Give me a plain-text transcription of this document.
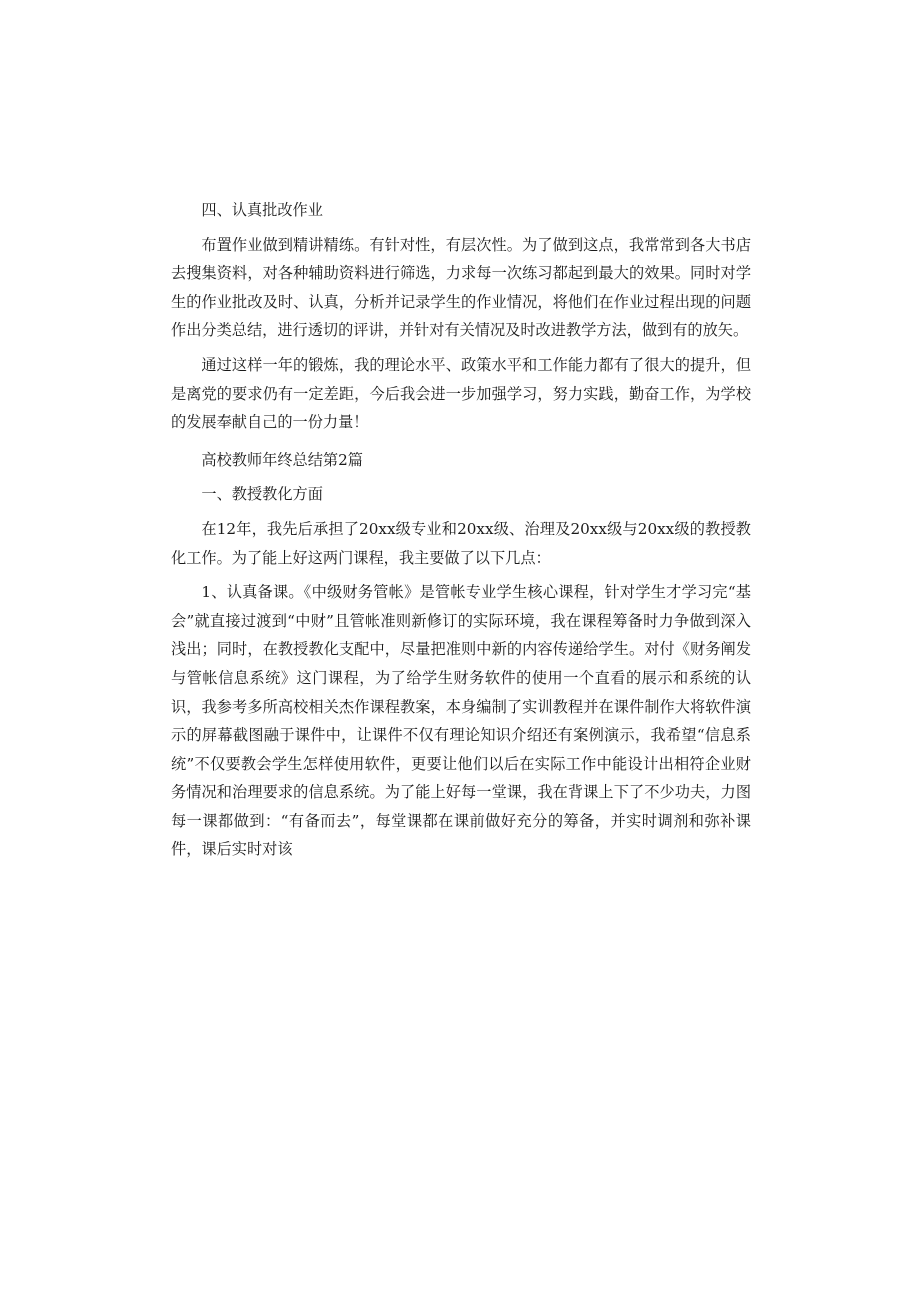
四、认真批改作业

布置作业做到精讲精练。有针对性，有层次性。为了做到这点，我常常到各大书店去搜集资料，对各种辅助资料进行筛选，力求每一次练习都起到最大的效果。同时对学生的作业批改及时、认真，分析并记录学生的作业情况，将他们在作业过程出现的问题作出分类总结，进行透切的评讲，并针对有关情况及时改进教学方法，做到有的放矢。

通过这样一年的锻炼，我的理论水平、政策水平和工作能力都有了很大的提升，但是离党的要求仍有一定差距，今后我会进一步加强学习，努力实践，勤奋工作，为学校的发展奉献自己的一份力量！

高校教师年终总结第2篇

一、教授教化方面

在12年，我先后承担了20xx级专业和20xx级、治理及20xx级与20xx级的教授教化工作。为了能上好这两门课程，我主要做了以下几点：

1、认真备课。《中级财务管帐》是管帐专业学生核心课程，针对学生才学习完“基会”就直接过渡到“中财”且管帐准则新修订的实际环境，我在课程筹备时力争做到深入浅出；同时，在教授教化支配中，尽量把准则中新的内容传递给学生。对付《财务阐发与管帐信息系统》这门课程，为了给学生财务软件的使用一个直看的展示和系统的认识，我参考多所高校相关杰作课程教案，本身编制了实训教程并在课件制作大将软件演示的屏幕截图融于课件中，让课件不仅有理论知识介绍还有案例演示，我希望“信息系统”不仅要教会学生怎样使用软件，更要让他们以后在实际工作中能设计出相符企业财务情况和治理要求的信息系统。为了能上好每一堂课，我在背课上下了不少功夫，力图每一课都做到：“有备而去”，每堂课都在课前做好充分的筹备，并实时调剂和弥补课件，课后实时对该
